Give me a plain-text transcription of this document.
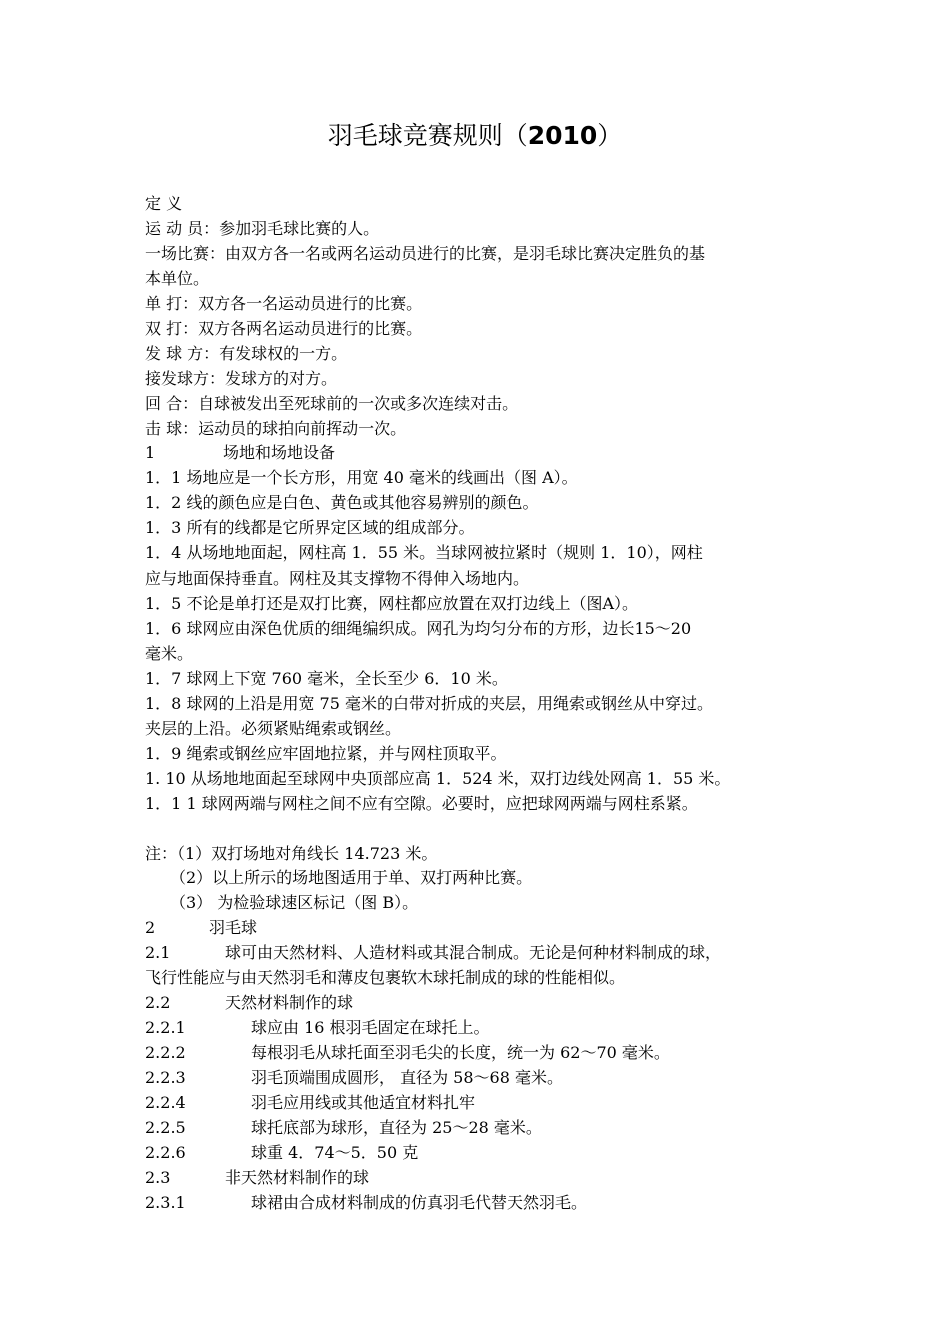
羽毛球竞赛规则（2010）
定 义
运 动 员：参加羽毛球比赛的人。
一场比赛：由双方各一名或两名运动员进行的比赛，是羽毛球比赛决定胜负的基
本单位。
单 打：双方各一名运动员进行的比赛。
双 打：双方各两名运动员进行的比赛。
发 球 方：有发球权的一方。
接发球方：发球方的对方。
回 合：自球被发出至死球前的一次或多次连续对击。
击 球：运动员的球拍向前挥动一次。
1	场地和场地设备
1．1 场地应是一个长方形，用宽 40 毫米的线画出（图 A）。
1．2 线的颜色应是白色、黄色或其他容易辨别的颜色。
1．3 所有的线都是它所界定区域的组成部分。
1．4 从场地地面起，网柱高 1．55 米。当球网被拉紧时（规则 1．10），网柱
应与地面保持垂直。网柱及其支撑物不得伸入场地内。
1．5 不论是单打还是双打比赛，网柱都应放置在双打边线上（图A）。
1．6 球网应由深色优质的细绳编织成。网孔为均匀分布的方形，边长15～20
毫米。
1．7 球网上下宽 760 毫米，全长至少 6．10 米。
1．8 球网的上沿是用宽 75 毫米的白带对折成的夹层，用绳索或钢丝从中穿过。
夹层的上沿。必须紧贴绳索或钢丝。
1．9 绳索或钢丝应牢固地拉紧，并与网柱顶取平。
1. 10 从场地地面起至球网中央顶部应高 1．524 米，双打边线处网高 1．55 米。
1．1 1 球网两端与网柱之间不应有空隙。必要时，应把球网两端与网柱系紧。
注：（1）双打场地对角线长 14.723 米。
（2）以上所示的场地图适用于单、双打两种比赛。
（3） 为检验球速区标记（图 B）。
2	羽毛球
2.1	球可由天然材料、人造材料或其混合制成。无论是何种材料制成的球，
飞行性能应与由天然羽毛和薄皮包裹软木球托制成的球的性能相似。
2.2	天然材料制作的球
2.2.1	球应由 16 根羽毛固定在球托上。
2.2.2	每根羽毛从球托面至羽毛尖的长度，统一为 62～70 毫米。
2.2.3	羽毛顶端围成圆形， 直径为 58～68 毫米。
2.2.4	羽毛应用线或其他适宜材料扎牢
2.2.5	球托底部为球形，直径为 25～28 毫米。
2.2.6	球重 4．74～5．50 克
2.3	非天然材料制作的球
2.3.1	球裙由合成材料制成的仿真羽毛代替天然羽毛。
